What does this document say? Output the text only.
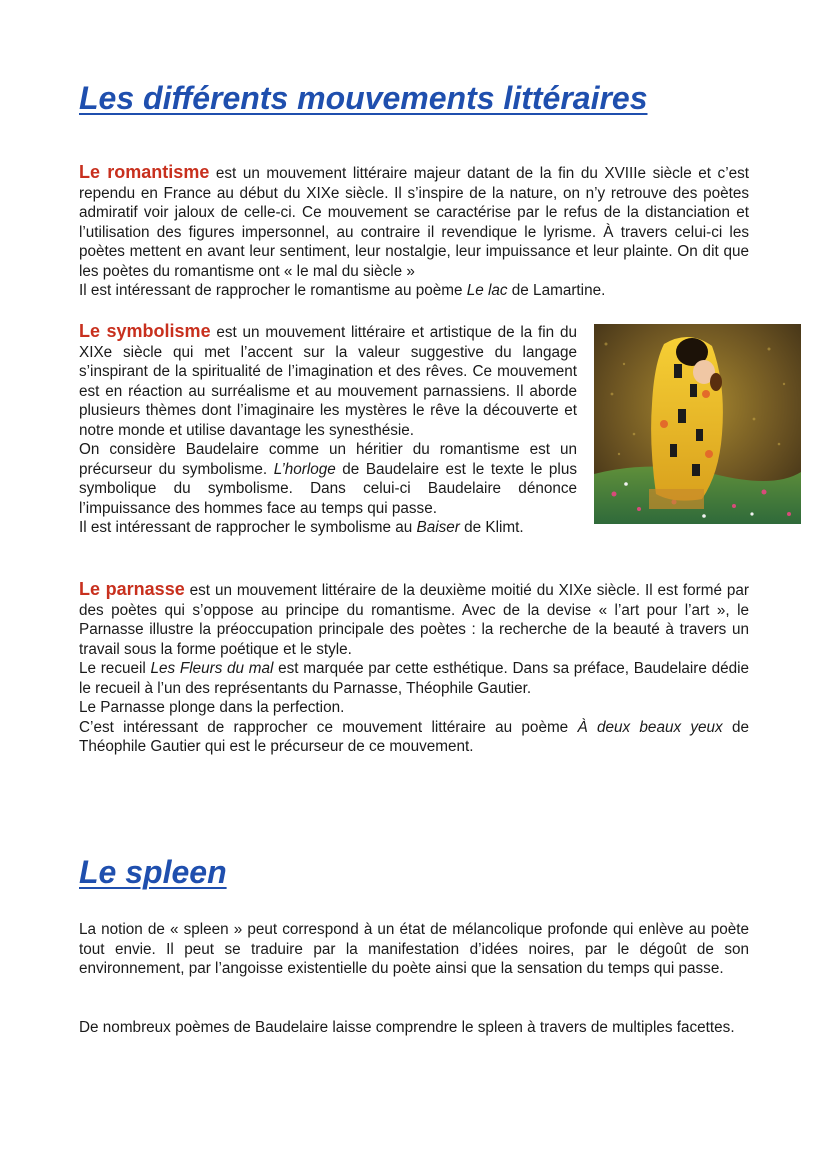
Les différents mouvements littéraires

Le romantisme est un mouvement littéraire majeur datant de la fin du XVIIIe siècle et c’est rependu en France au début du XIXe siècle. Il s’inspire de la nature, on n’y retrouve des poètes admiratif voir jaloux de celle-ci. Ce mouvement se caractérise par le refus de la distanciation et l’utilisation des figures impersonnel, au contraire il revendique le lyrisme. À travers celui-ci les poètes mettent en avant leur sentiment, leur nostalgie, leur impuissance et leur plainte. On dit que les poètes du romantisme ont « le mal du siècle »
Il est intéressant de rapprocher le romantisme au poème Le lac de Lamartine.

Le symbolisme est un mouvement littéraire et artistique de la fin du XIXe siècle qui met l’accent sur la valeur suggestive du langage s’inspirant de la spiritualité de l’imagination et des rêves. Ce mouvement est en réaction au surréalisme et au mouvement parnassiens. Il aborde plusieurs thèmes dont l’imaginaire les mystères le rêve la découverte et notre monde et utilise davantage les synesthésie.
On considère Baudelaire comme un héritier du romantisme est un précurseur du symbolisme. L’horloge de Baudelaire est le texte le plus symbolique du symbolisme. Dans celui-ci Baudelaire dénonce l’impuissance des hommes face au temps qui passe.
Il est intéressant de rapprocher le symbolisme au Baiser de Klimt.

Le parnasse est un mouvement littéraire de la deuxième moitié du XIXe siècle. Il est formé par des poètes qui s’oppose au principe du romantisme. Avec de la devise « l’art pour l’art », le Parnasse illustre la préoccupation principale des poètes : la recherche de la beauté à travers un travail sous la forme poétique et le style.
Le recueil Les Fleurs du mal est marquée par cette esthétique. Dans sa préface, Baudelaire dédie le recueil à l’un des représentants du Parnasse, Théophile Gautier.
Le Parnasse plonge dans la perfection.
C’est intéressant de rapprocher ce mouvement littéraire au poème À deux beaux yeux de Théophile Gautier qui est le précurseur de ce mouvement.

Le spleen

La notion de « spleen » peut correspond à un état de mélancolique profonde qui enlève au poète tout envie. Il peut se traduire par la manifestation d’idées noires, par le dégoût de son environnement, par l’angoisse existentielle du poète ainsi que la sensation du temps qui passe.

De nombreux poèmes de Baudelaire laisse comprendre le spleen à travers de multiples facettes.
